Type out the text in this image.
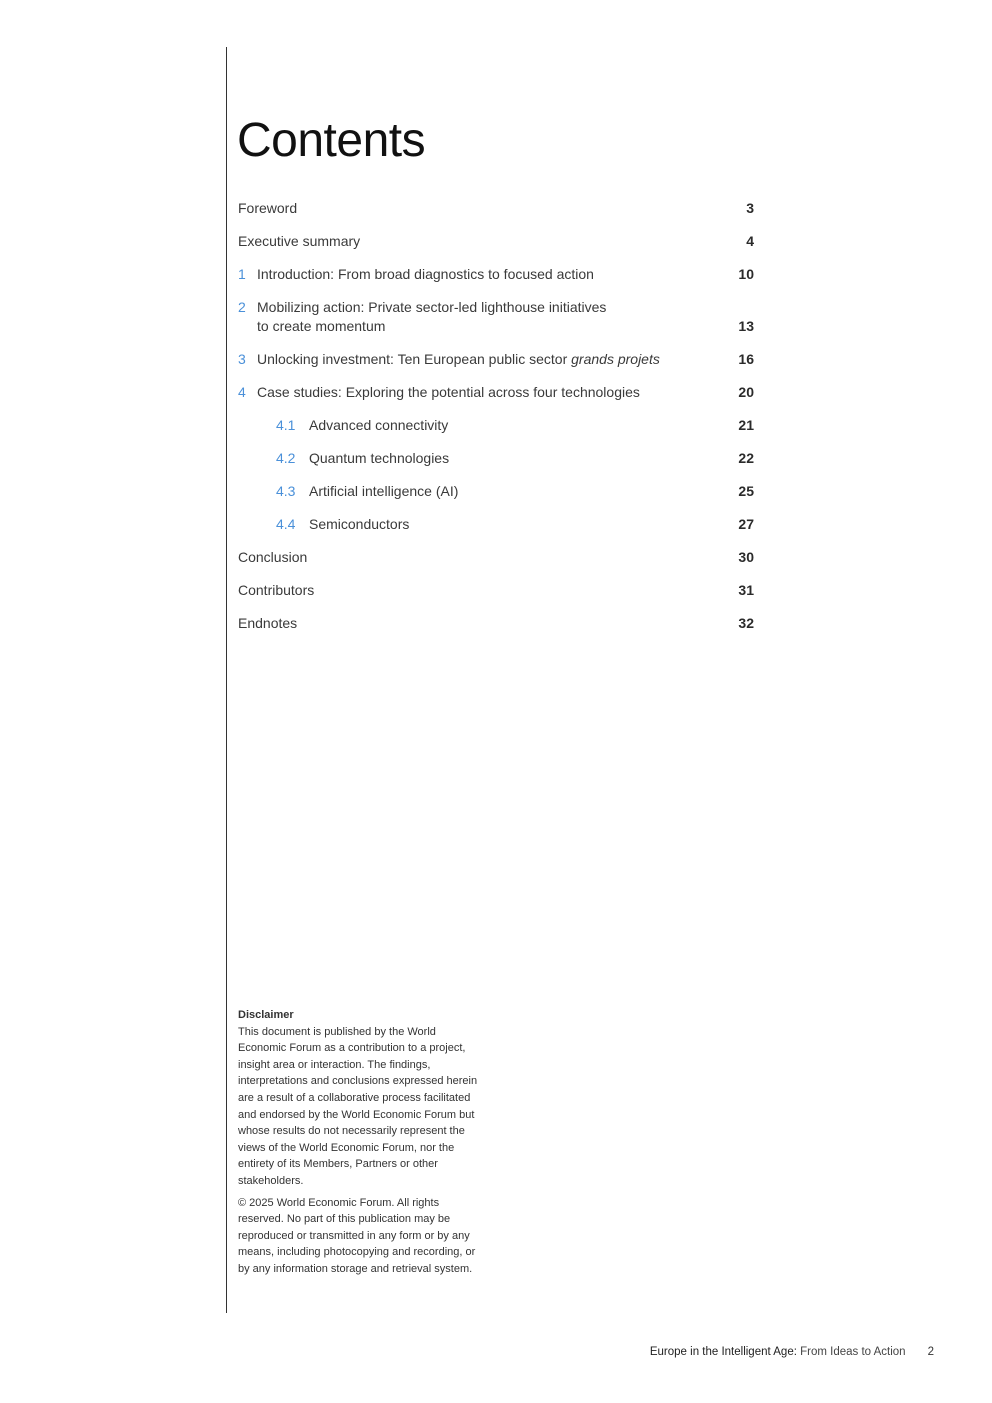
Contents
Foreword	3
Executive summary	4
1 Introduction: From broad diagnostics to focused action	10
2 Mobilizing action: Private sector-led lighthouse initiatives
to create momentum	13
3 Unlocking investment: Ten European public sector grands projets	16
4 Case studies: Exploring the potential across four technologies	20
4.1 Advanced connectivity	21
4.2 Quantum technologies	22
4.3 Artificial intelligence (AI)	25
4.4 Semiconductors	27
Conclusion	30
Contributors	31
Endnotes	32

Disclaimer

This document is published by the World Economic Forum as a contribution to a project, insight area or interaction. The findings, interpretations and conclusions expressed herein are a result of a collaborative process facilitated and endorsed by the World Economic Forum but whose results do not necessarily represent the views of the World Economic Forum, nor the entirety of its Members, Partners or other stakeholders.

© 2025 World Economic Forum. All rights reserved. No part of this publication may be reproduced or transmitted in any form or by any means, including photocopying and recording, or by any information storage and retrieval system.

Europe in the Intelligent Age: From Ideas to Action 2
